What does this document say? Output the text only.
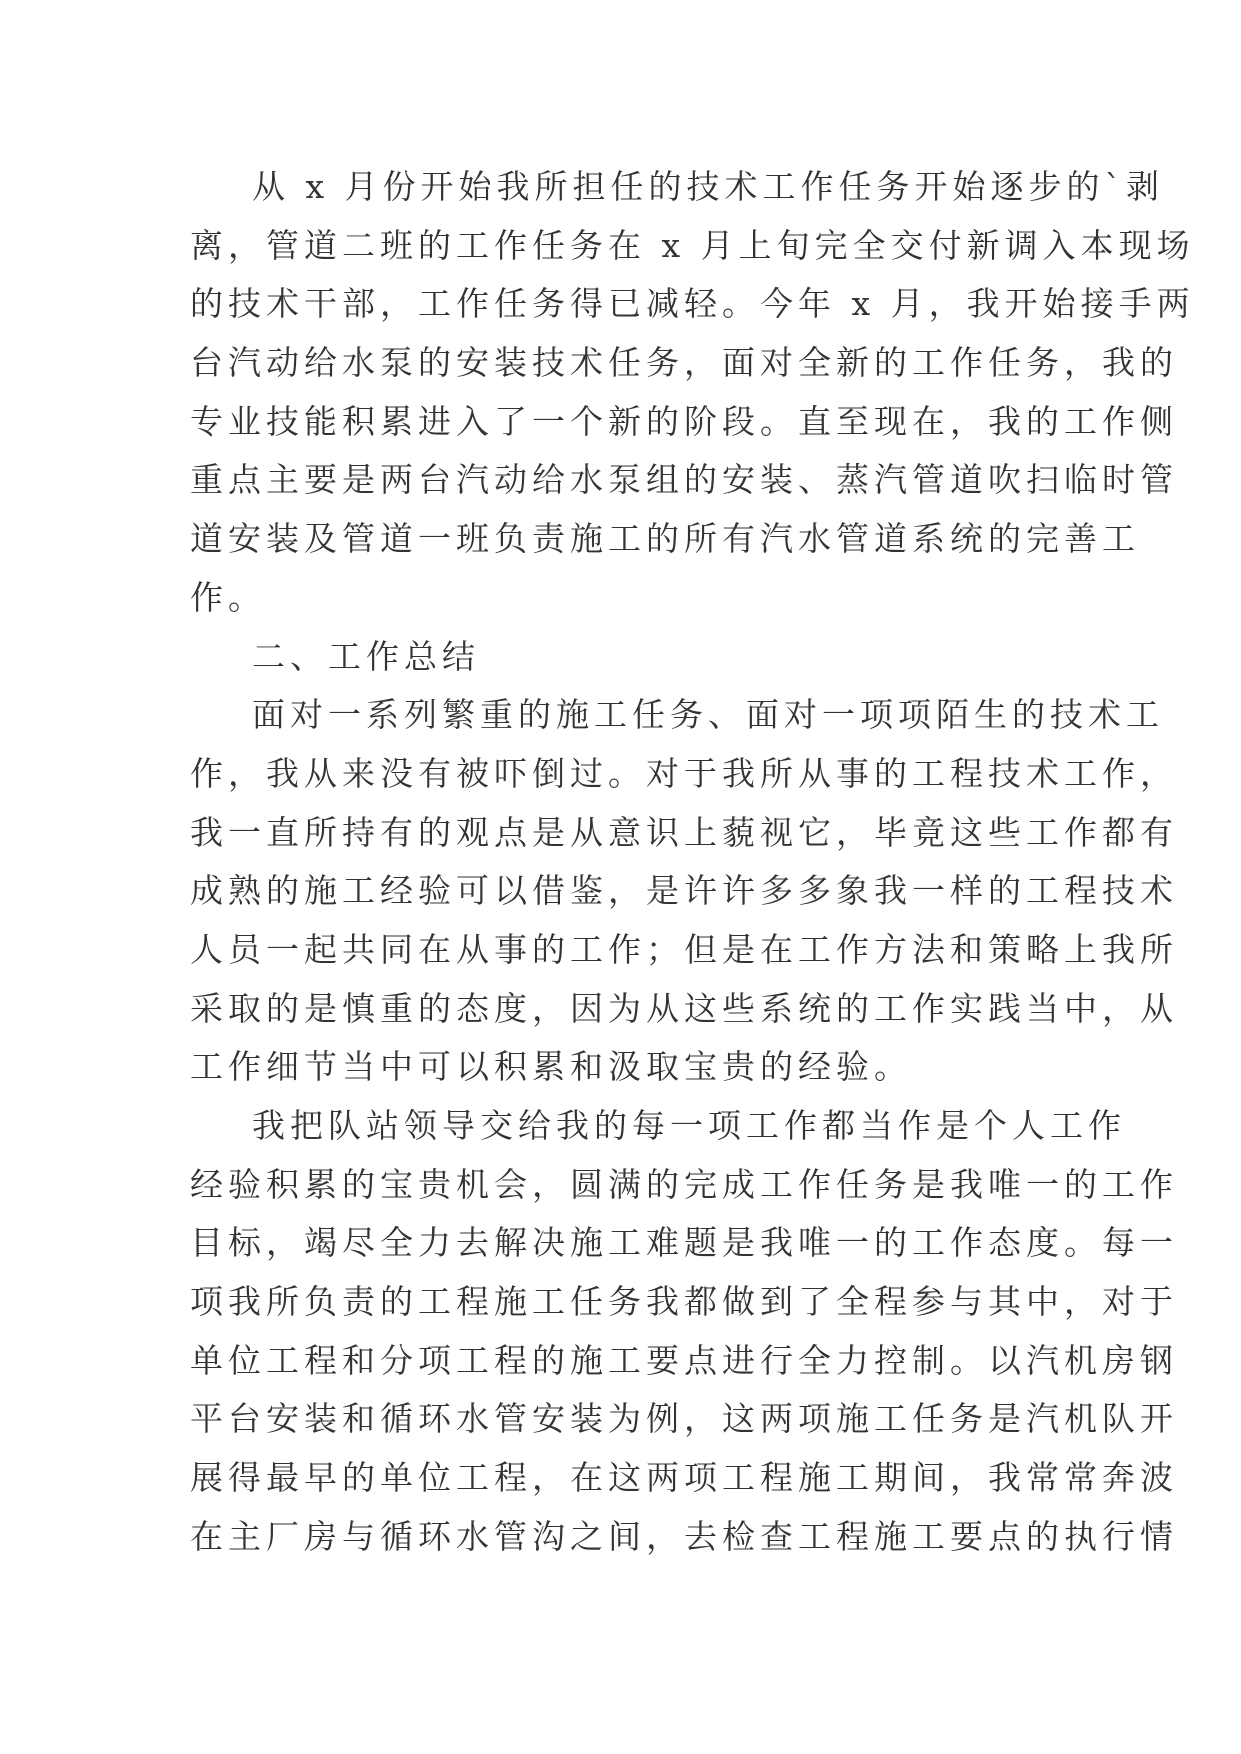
从 x 月份开始我所担任的技术工作任务开始逐步的`剥
离，管道二班的工作任务在 x 月上旬完全交付新调入本现场
的技术干部，工作任务得已减轻。今年 x 月，我开始接手两
台汽动给水泵的安装技术任务，面对全新的工作任务，我的
专业技能积累进入了一个新的阶段。直至现在，我的工作侧
重点主要是两台汽动给水泵组的安装、蒸汽管道吹扫临时管
道安装及管道一班负责施工的所有汽水管道系统的完善工
作。
二、工作总结
面对一系列繁重的施工任务、面对一项项陌生的技术工
作，我从来没有被吓倒过。对于我所从事的工程技术工作，
我一直所持有的观点是从意识上藐视它，毕竟这些工作都有
成熟的施工经验可以借鉴，是许许多多象我一样的工程技术
人员一起共同在从事的工作；但是在工作方法和策略上我所
采取的是慎重的态度，因为从这些系统的工作实践当中，从
工作细节当中可以积累和汲取宝贵的经验。
我把队站领导交给我的每一项工作都当作是个人工作
经验积累的宝贵机会，圆满的完成工作任务是我唯一的工作
目标，竭尽全力去解决施工难题是我唯一的工作态度。每一
项我所负责的工程施工任务我都做到了全程参与其中，对于
单位工程和分项工程的施工要点进行全力控制。以汽机房钢
平台安装和循环水管安装为例，这两项施工任务是汽机队开
展得最早的单位工程，在这两项工程施工期间，我常常奔波
在主厂房与循环水管沟之间，去检查工程施工要点的执行情
